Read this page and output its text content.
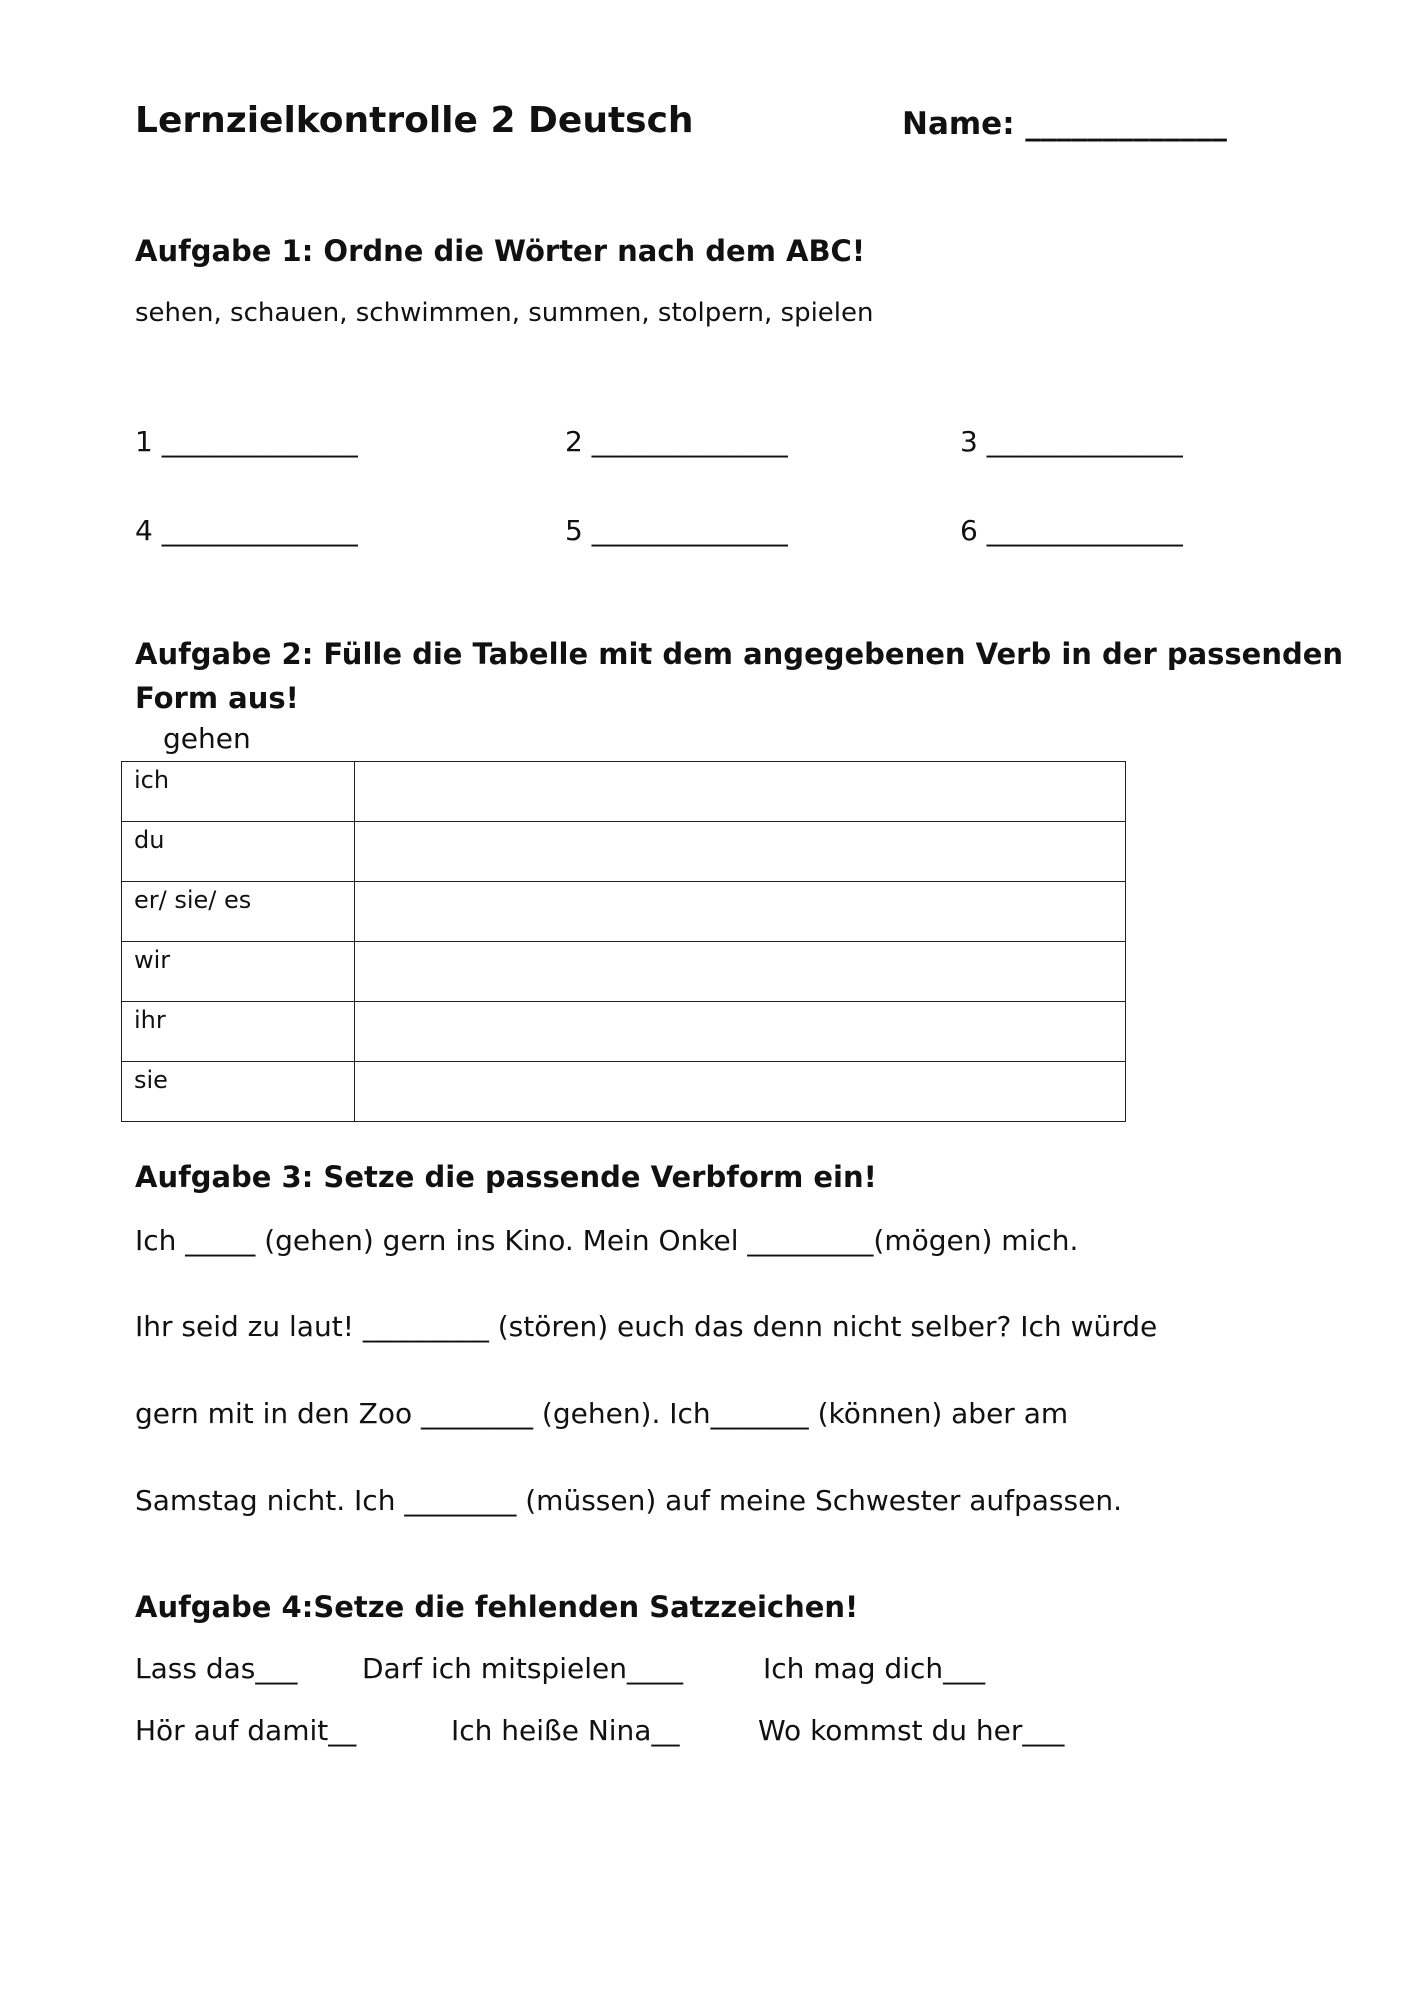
Lernzielkontrolle 2 Deutsch	Name: _____________
Aufgabe 1: Ordne die Wörter nach dem ABC!
sehen, schauen, schwimmen, summen, stolpern, spielen
1 ______________	2 ______________	3 ______________
4 ______________	5 ______________	6 ______________
Aufgabe 2: Fülle die Tabelle mit dem angegebenen Verb in der passenden
Form aus!
gehen
ich	
du	
er/ sie/ es	
wir	
ihr	
sie	
Aufgabe 3: Setze die passende Verbform ein!
Ich _____ (gehen) gern ins Kino. Mein Onkel _________(mögen) mich.
Ihr seid zu laut! _________ (stören) euch das denn nicht selber? Ich würde
gern mit in den Zoo ________ (gehen). Ich_______ (können) aber am
Samstag nicht. Ich ________ (müssen) auf meine Schwester aufpassen.
Aufgabe 4:Setze die fehlenden Satzzeichen!
Lass das___ Darf ich mitspielen____	Ich mag dich___
Hör auf damit__	Ich heiße Nina__	Wo kommst du her___
